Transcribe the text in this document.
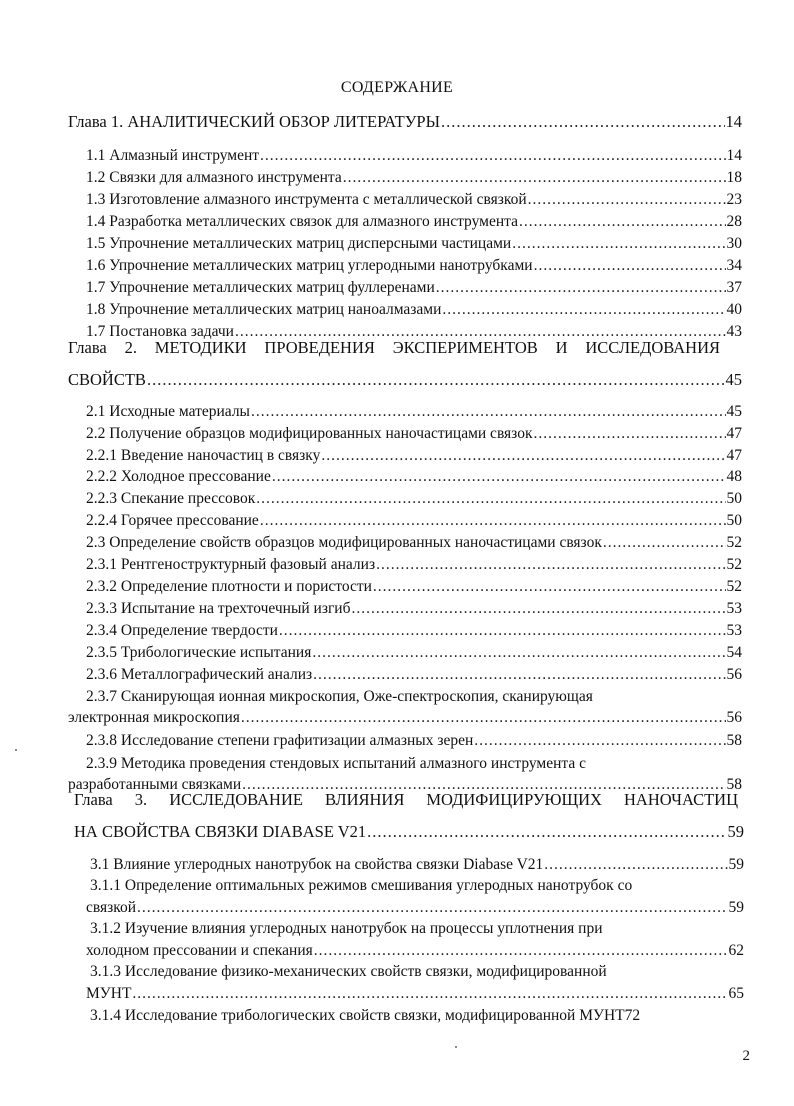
СОДЕРЖАНИЕ
Глава 1. АНАЛИТИЧЕСКИЙ ОБЗОР ЛИТЕРАТУРЫ .....	14
1.1 Алмазный инструмент .....	14
1.2 Связки для алмазного инструмента .....	18
1.3 Изготовление алмазного инструмента с металлической связкой .....	23
1.4 Разработка металлических связок для алмазного инструмента .....	28
1.5 Упрочнение металлических матриц дисперсными частицами .....	30
1.6 Упрочнение металлических матриц углеродными нанотрубками .....	34
1.7 Упрочнение металлических матриц фуллеренами .....	37
1.8 Упрочнение металлических матриц наноалмазами .....	40
1.7 Постановка задачи .....	43
Глава 2. МЕТОДИКИ ПРОВЕДЕНИЯ ЭКСПЕРИМЕНТОВ И ИССЛЕДОВАНИЯ
СВОЙСТВ .....	45
2.1 Исходные материалы .....	45
2.2 Получение образцов модифицированных наночастицами связок .....	47
2.2.1 Введение наночастиц в связку .....	47
2.2.2 Холодное прессование .....	48
2.2.3 Спекание прессовок .....	50
2.2.4 Горячее прессование .....	50
2.3 Определение свойств образцов модифицированных наночастицами связок .....	52
2.3.1 Рентгеноструктурный фазовый анализ .....	52
2.3.2 Определение плотности и пористости .....	52
2.3.3 Испытание на трехточечный изгиб .....	53
2.3.4 Определение твердости .....	53
2.3.5 Трибологические испытания .....	54
2.3.6 Металлографический анализ .....	56
2.3.7 Сканирующая ионная микроскопия, Оже-спектроскопия, сканирующая
электронная микроскопия .....	56
2.3.8 Исследование степени графитизации алмазных зерен .....	58
2.3.9 Методика проведения стендовых испытаний алмазного инструмента с
разработанными связками .....	58
Глава 3. ИССЛЕДОВАНИЕ ВЛИЯНИЯ МОДИФИЦИРУЮЩИХ НАНОЧАСТИЦ
НА СВОЙСТВА СВЯЗКИ DIABASE V21 .....	59
3.1 Влияние углеродных нанотрубок на свойства связки Diabase V21 .....	59
3.1.1 Определение оптимальных режимов смешивания углеродных нанотрубок со
связкой .....	59
3.1.2 Изучение влияния углеродных нанотрубок на процессы уплотнения при
холодном прессовании и спекания .....	62
3.1.3 Исследование физико-механических свойств связки, модифицированной
МУНТ .....	65
3.1.4 Исследование трибологических свойств связки, модифицированной МУНТ 72
2
